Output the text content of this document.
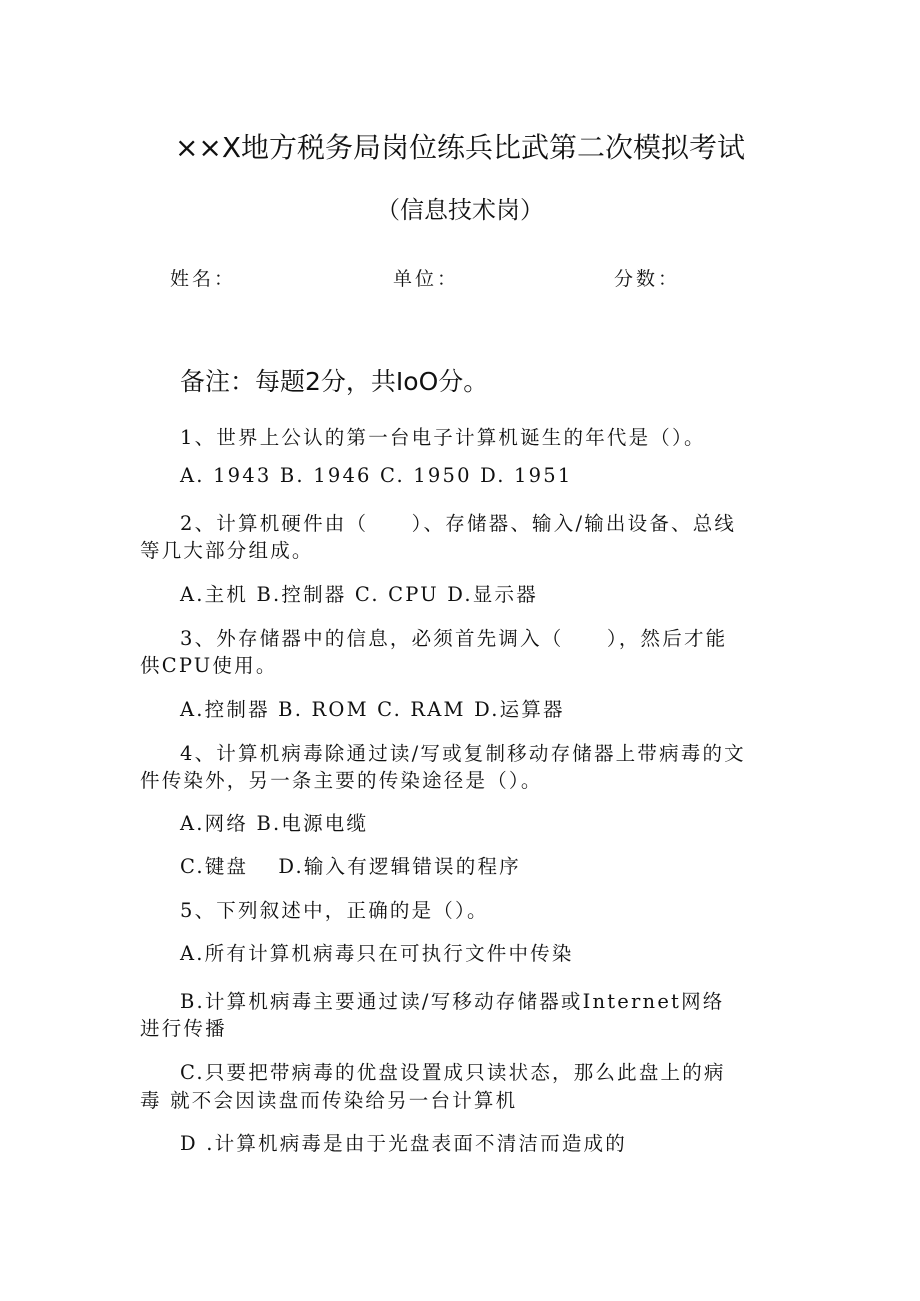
××X地方税务局岗位练兵比武第二次模拟考试
（信息技术岗）
姓名：	单位：	分数：
备注：每题2分，共IoO分。
1、世界上公认的第一台电子计算机诞生的年代是（）。
A. 1943 B. 1946 C. 1950 D. 1951
2、计算机硬件由（　　）、存储器、输入/输出设备、总线
等几大部分组成。
A.主机 B.控制器 C. CPU D.显示器
3、外存储器中的信息，必须首先调入（　　），然后才能
供CPU使用。
A.控制器 B. ROM C. RAM D.运算器
4、计算机病毒除通过读/写或复制移动存储器上带病毒的文
件传染外，另一条主要的传染途径是（）。
A.网络 B.电源电缆
C.键盘　 D.输入有逻辑错误的程序
5、下列叙述中，正确的是（）。
A.所有计算机病毒只在可执行文件中传染
B.计算机病毒主要通过读/写移动存储器或Internet网络
进行传播
C.只要把带病毒的优盘设置成只读状态，那么此盘上的病
毒 就不会因读盘而传染给另一台计算机
D .计算机病毒是由于光盘表面不清洁而造成的
